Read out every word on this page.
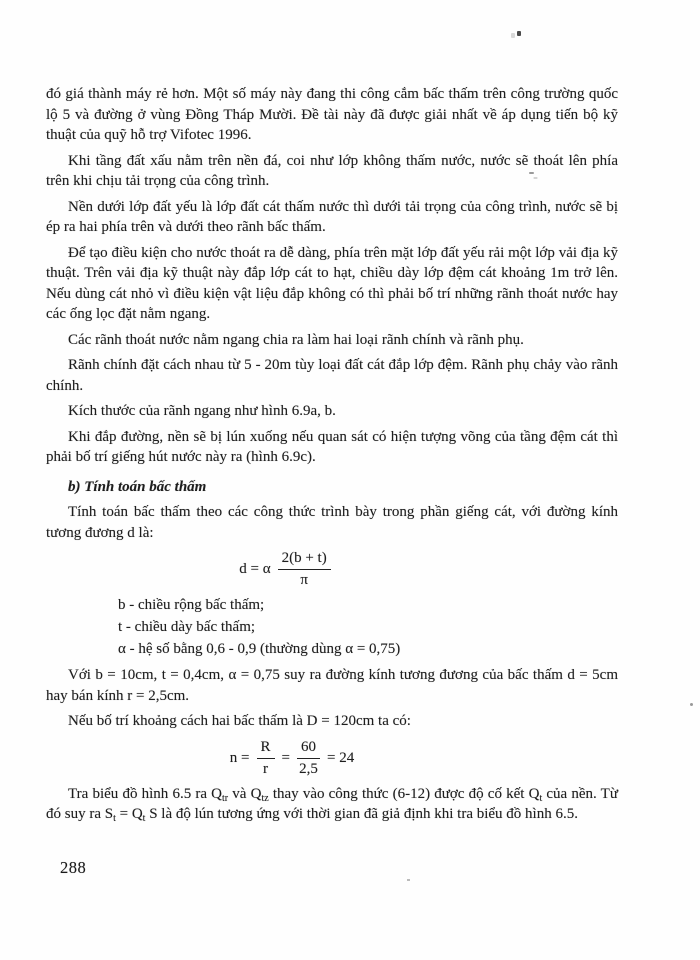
đó giá thành máy rẻ hơn. Một số máy này đang thi công cắm bấc thấm trên công trường quốc lộ 5 và đường ở vùng Đồng Tháp Mười. Đề tài này đã được giải nhất về áp dụng tiến bộ kỹ thuật của quỹ hỗ trợ Vifotec 1996.

Khi tầng đất xấu nằm trên nền đá, coi như lớp không thấm nước, nước sẽ thoát lên phía trên khi chịu tải trọng của công trình.

Nền dưới lớp đất yếu là lớp đất cát thấm nước thì dưới tải trọng của công trình, nước sẽ bị ép ra hai phía trên và dưới theo rãnh bấc thấm.

Để tạo điều kiện cho nước thoát ra dễ dàng, phía trên mặt lớp đất yếu rải một lớp vải địa kỹ thuật. Trên vải địa kỹ thuật này đắp lớp cát to hạt, chiều dày lớp đệm cát khoảng 1m trở lên. Nếu dùng cát nhỏ vì điều kiện vật liệu đắp không có thì phải bố trí những rãnh thoát nước hay các ống lọc đặt nằm ngang.

Các rãnh thoát nước nằm ngang chia ra làm hai loại rãnh chính và rãnh phụ.

Rãnh chính đặt cách nhau từ 5 - 20m tùy loại đất cát đắp lớp đệm. Rãnh phụ chảy vào rãnh chính.

Kích thước của rãnh ngang như hình 6.9a, b.

Khi đắp đường, nền sẽ bị lún xuống nếu quan sát có hiện tượng võng của tầng đệm cát thì phải bố trí giếng hút nước này ra (hình 6.9c).

b) Tính toán bấc thấm

Tính toán bấc thấm theo các công thức trình bày trong phần giếng cát, với đường kính tương đương d là:

d = α $\frac{2(b + t)}{\pi}$

b - chiều rộng bấc thấm;

t - chiều dày bấc thấm;

α - hệ số bằng 0,6 - 0,9 (thường dùng α = 0,75)

Với b = 10cm, t = 0,4cm, α = 0,75 suy ra đường kính tương đương của bấc thấm d = 5cm hay bán kính r = 2,5cm.

Nếu bố trí khoảng cách hai bấc thấm là D = 120cm ta có:

$n = \frac{R}{r} = \frac{60}{2,5} = 24$

Tra biểu đồ hình 6.5 ra $Q_{tr}$ và $Q_{tz}$ thay vào công thức (6-12) được độ cố kết $Q_t$ của nền. Từ đó suy ra $S_t = Q_t$ S là độ lún tương ứng với thời gian đã giả định khi tra biểu đồ hình 6.5.

288
